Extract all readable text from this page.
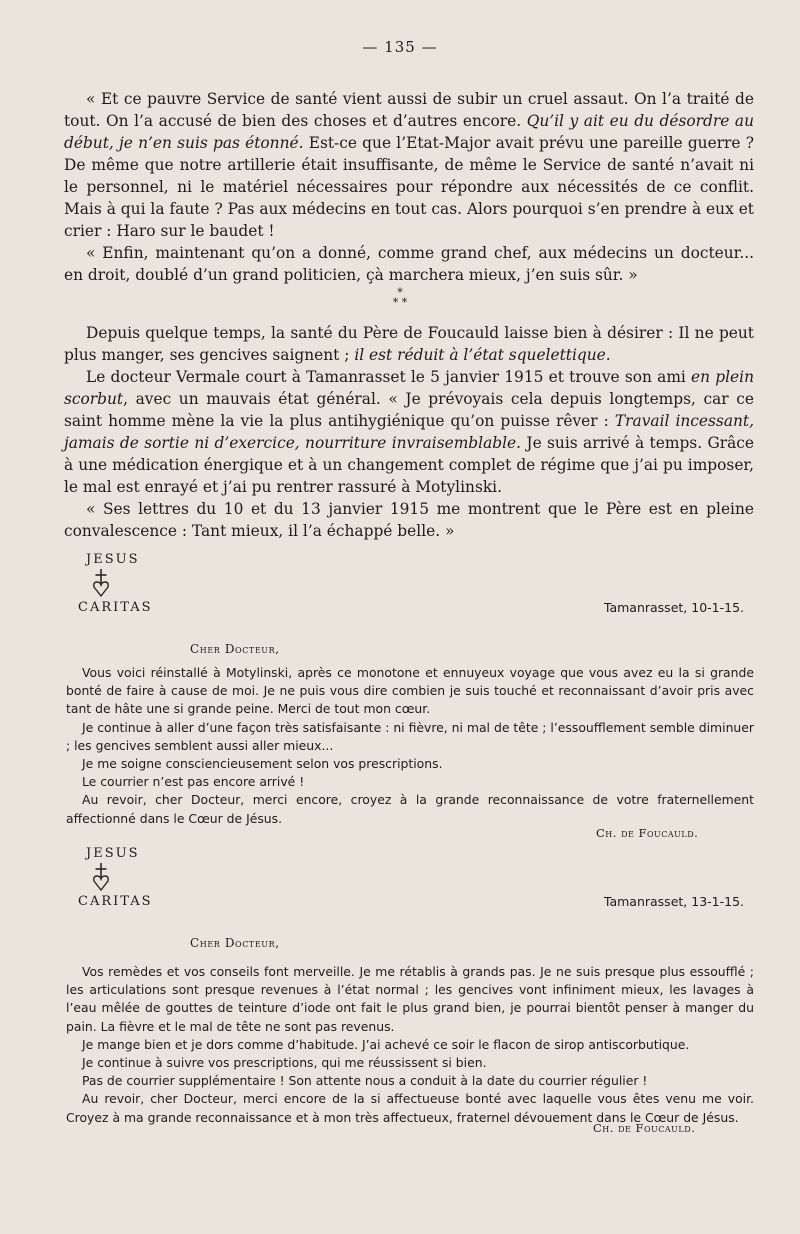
— 135 —

« Et ce pauvre Service de santé vient aussi de subir un cruel assaut. On l’a traité de tout. On l’a accusé de bien des choses et d’autres encore. Qu’il y ait eu du désordre au début, je n’en suis pas étonné. Est-ce que l’Etat-Major avait prévu une pareille guerre ? De même que notre artillerie était insuffisante, de même le Service de santé n’avait ni le personnel, ni le matériel nécessaires pour répondre aux nécessités de ce conflit. Mais à qui la faute ? Pas aux médecins en tout cas. Alors pourquoi s’en prendre à eux et crier : Haro sur le baudet !

« Enfin, maintenant qu’on a donné, comme grand chef, aux médecins un docteur... en droit, doublé d’un grand politicien, çà marchera mieux, j’en suis sûr. »

*
* *

Depuis quelque temps, la santé du Père de Foucauld laisse bien à désirer : Il ne peut plus manger, ses gencives saignent ; il est réduit à l’état squelettique.

Le docteur Vermale court à Tamanrasset le 5 janvier 1915 et trouve son ami en plein scorbut, avec un mauvais état général. « Je prévoyais cela depuis longtemps, car ce saint homme mène la vie la plus antihygiénique qu’on puisse rêver : Travail incessant, jamais de sortie ni d’exercice, nourriture invraisemblable. Je suis arrivé à temps. Grâce à une médication énergique et à un changement complet de régime que j’ai pu imposer, le mal est enrayé et j’ai pu rentrer rassuré à Motylinski.

« Ses lettres du 10 et du 13 janvier 1915 me montrent que le Père est en pleine convalescence : Tant mieux, il l’a échappé belle. »

JESUS
CARITAS	Tamanrasset, 10-1-15.
Cher Docteur,

Vous voici réinstallé à Motylinski, après ce monotone et ennuyeux voyage que vous avez eu la si grande bonté de faire à cause de moi. Je ne puis vous dire combien je suis touché et reconnaissant d’avoir pris avec tant de hâte une si grande peine. Merci de tout mon cœur.

Je continue à aller d’une façon très satisfaisante : ni fièvre, ni mal de tête ; l’essoufflement semble diminuer ; les gencives semblent aussi aller mieux...

Je me soigne consciencieusement selon vos prescriptions.

Le courrier n’est pas encore arrivé !

Au revoir, cher Docteur, merci encore, croyez à la grande reconnaissance de votre fraternellement affectionné dans le Cœur de Jésus.

Ch. de Foucauld.
JESUS
CARITAS	Tamanrasset, 13-1-15.
Cher Docteur,

Vos remèdes et vos conseils font merveille. Je me rétablis à grands pas. Je ne suis presque plus essoufflé ; les articulations sont presque revenues à l’état normal ; les gencives vont infiniment mieux, les lavages à l’eau mêlée de gouttes de teinture d’iode ont fait le plus grand bien, je pourrai bientôt penser à manger du pain. La fièvre et le mal de tête ne sont pas revenus.

Je mange bien et je dors comme d’habitude. J’ai achevé ce soir le flacon de sirop antiscorbutique.

Je continue à suivre vos prescriptions, qui me réussissent si bien.

Pas de courrier supplémentaire ! Son attente nous a conduit à la date du courrier régulier !

Au revoir, cher Docteur, merci encore de la si affectueuse bonté avec laquelle vous êtes venu me voir. Croyez à ma grande reconnaissance et à mon très affectueux, fraternel dévouement dans le Cœur de Jésus.

Ch. de Foucauld.
